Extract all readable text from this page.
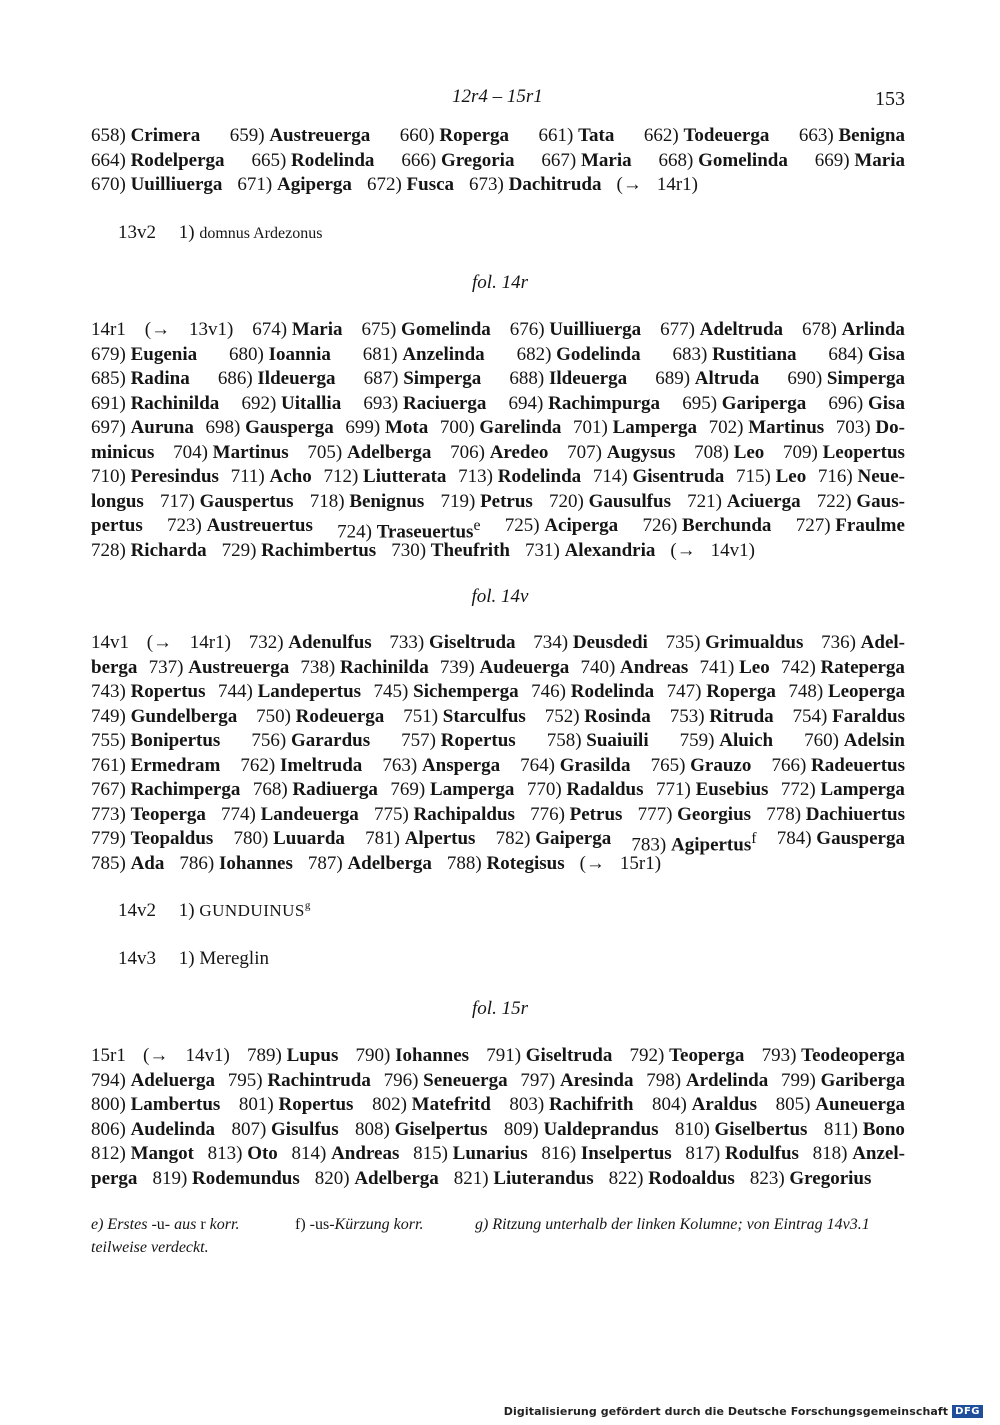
12r4 – 15r1	153
658) Crimera 659) Austreuerga 660) Roperga 661) Tata 662) Todeuerga 663) Benigna
664) Rodelperga 665) Rodelinda 666) Gregoria 667) Maria 668) Gomelinda 669) Maria
670) Uuilliuerga 671) Agiperga 672) Fusca 673) Dachitruda (→ 14r1)
13v2 1) domnus Ardezonus
fol. 14r
14r1 (→ 13v1) 674) Maria 675) Gomelinda 676) Uuilliuerga 677) Adeltruda 678) Arlinda
679) Eugenia 680) Ioannia 681) Anzelinda 682) Godelinda 683) Rustitiana 684) Gisa
685) Radina 686) Ildeuerga 687) Simperga 688) Ildeuerga 689) Altruda 690) Simperga
691) Rachinilda 692) Uitallia 693) Raciuerga 694) Rachimpurga 695) Gariperga 696) Gisa
697) Auruna 698) Gausperga 699) Mota 700) Garelinda 701) Lamperga 702) Martinus 703) Do-
minicus 704) Martinus 705) Adelberga 706) Aredeo 707) Augysus 708) Leo 709) Leopertus
710) Peresindus 711) Acho 712) Liutterata 713) Rodelinda 714) Gisentruda 715) Leo 716) Neue-
longus 717) Gauspertus 718) Benignus 719) Petrus 720) Gausulfus 721) Aciuerga 722) Gaus-
pertus 723) Austreuertus 724) Traseuertus$^e$ 725) Aciperga 726) Berchunda 727) Fraulme
728) Richarda 729) Rachimbertus 730) Theufrith 731) Alexandria (→ 14v1)
fol. 14v
14v1 (→ 14r1) 732) Adenulfus 733) Giseltruda 734) Deusdedi 735) Grimualdus 736) Adel-
berga 737) Austreuerga 738) Rachinilda 739) Audeuerga 740) Andreas 741) Leo 742) Rateperga
743) Ropertus 744) Landepertus 745) Sichemperga 746) Rodelinda 747) Roperga 748) Leoperga
749) Gundelberga 750) Rodeuerga 751) Starculfus 752) Rosinda 753) Ritruda 754) Faraldus
755) Bonipertus 756) Garardus 757) Ropertus 758) Suaiuili 759) Aluich 760) Adelsin
761) Ermedram 762) Imeltruda 763) Ansperga 764) Grasilda 765) Grauzo 766) Radeuertus
767) Rachimperga 768) Radiuerga 769) Lamperga 770) Radaldus 771) Eusebius 772) Lamperga
773) Teoperga 774) Landeuerga 775) Rachipaldus 776) Petrus 777) Georgius 778) Dachiuertus
779) Teopaldus 780) Luuarda 781) Alpertus 782) Gaiperga 783) Agipertus$^f$ 784) Gausperga
785) Ada 786) Iohannes 787) Adelberga 788) Rotegisus (→ 15r1)
14v2 1) GUNDUINUS$^g$
14v3 1) Mereglin
fol. 15r
15r1 (→ 14v1) 789) Lupus 790) Iohannes 791) Giseltruda 792) Teoperga 793) Teodeoperga
794) Adeluerga 795) Rachintruda 796) Seneuerga 797) Aresinda 798) Ardelinda 799) Gariberga
800) Lambertus 801) Ropertus 802) Matefritd 803) Rachifrith 804) Araldus 805) Auneuerga
806) Audelinda 807) Gisulfus 808) Giselpertus 809) Ualdeprandus 810) Giselbertus 811) Bono
812) Mangot 813) Oto 814) Andreas 815) Lunarius 816) Inselpertus 817) Rodulfus 818) Anzel-
perga 819) Rodemundus 820) Adelberga 821) Liuterandus 822) Rodoaldus 823) Gregorius
e) Erstes -u- aus r korr.	f) -us-Kürzung korr.	g) Ritzung unterhalb der linken Kolumne; von Eintrag 14v3.1
teilweise verdeckt.
Digitalisierung gefördert durch die Deutsche Forschungsgemeinschaft DFG
